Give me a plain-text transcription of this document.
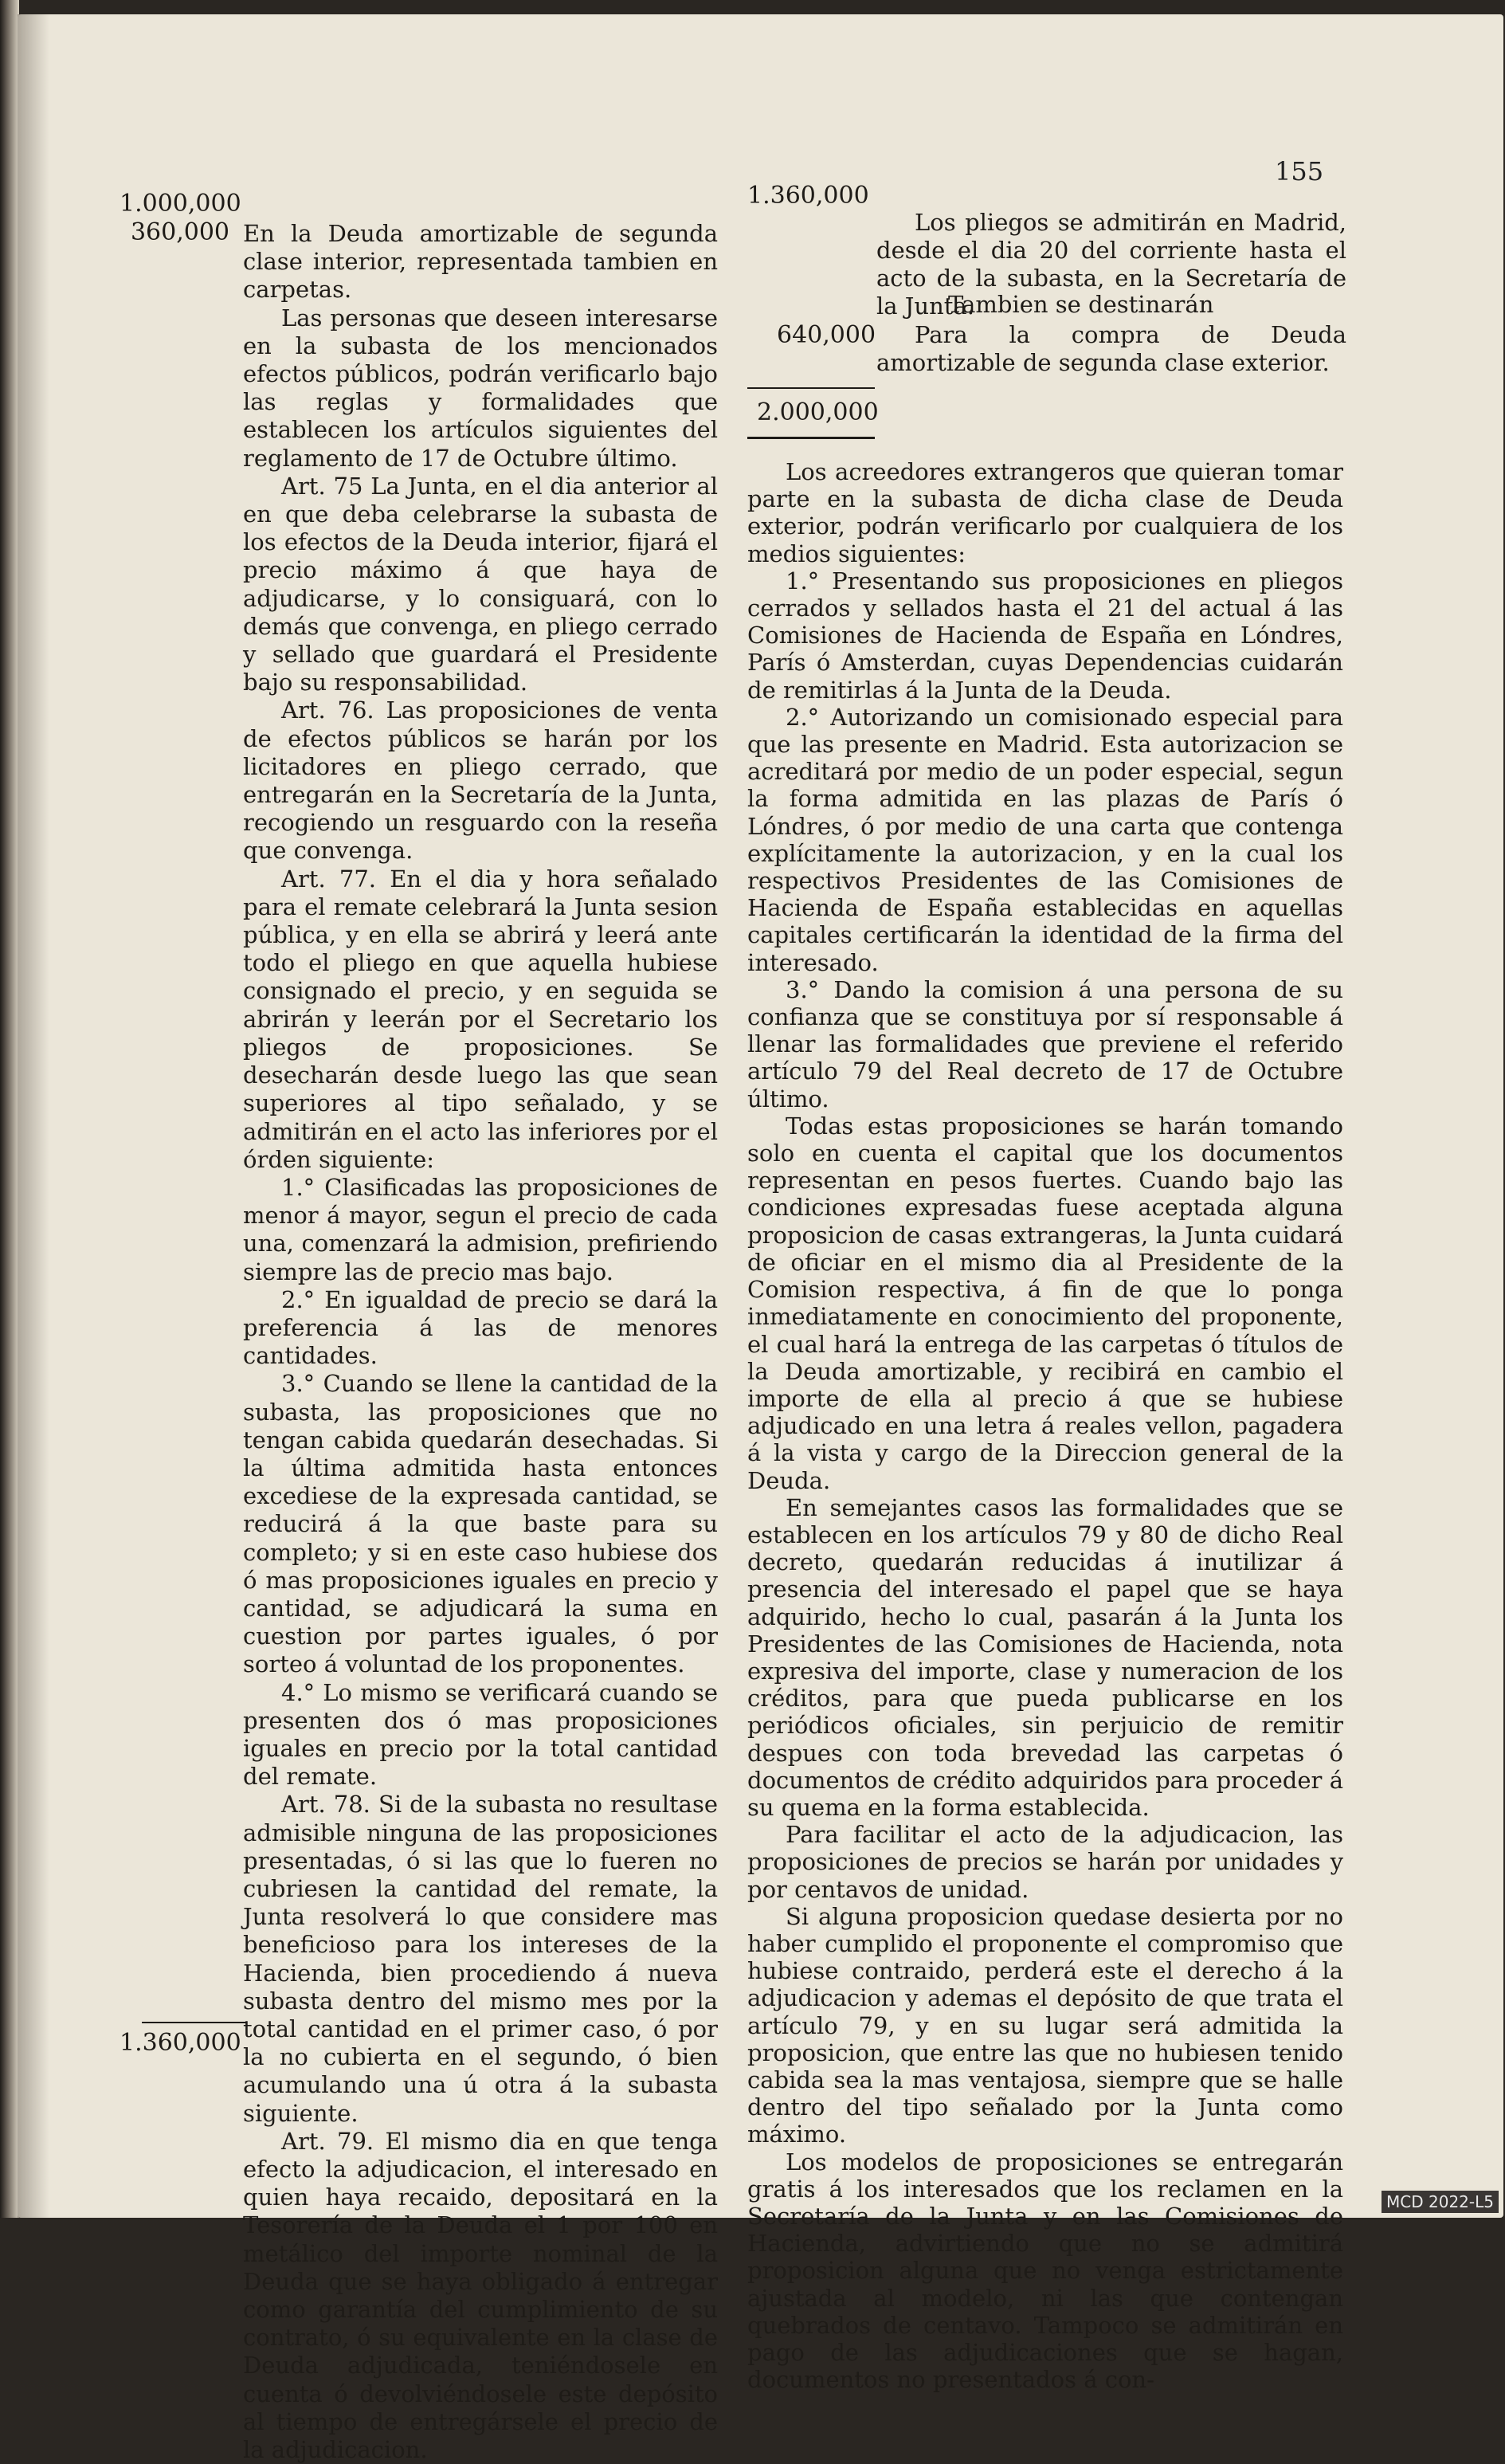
155
1.000,000
360,000
1.360,000

En la Deuda amortizable de segunda clase interior, representada tambien en carpetas.

Las personas que deseen interesarse en la subasta de los mencionados efectos públicos, podrán verificarlo bajo las reglas y formalidades que establecen los artículos siguientes del reglamento de 17 de Octubre último.

Art. 75 La Junta, en el dia anterior al en que deba celebrarse la subasta de los efectos de la Deuda interior, fijará el precio máximo á que haya de adjudicarse, y lo consiguará, con lo demás que convenga, en pliego cerrado y sellado que guardará el Presidente bajo su responsabilidad.

Art. 76. Las proposiciones de venta de efectos públicos se harán por los licitadores en pliego cerrado, que entregarán en la Secretaría de la Junta, recogiendo un resguardo con la reseña que convenga.

Art. 77. En el dia y hora señalado para el remate celebrará la Junta sesion pública, y en ella se abrirá y leerá ante todo el pliego en que aquella hubiese consignado el precio, y en seguida se abrirán y leerán por el Secretario los pliegos de proposiciones. Se desecharán desde luego las que sean superiores al tipo señalado, y se admitirán en el acto las inferiores por el órden siguiente:

1.° Clasificadas las proposiciones de menor á mayor, segun el precio de cada una, comenzará la admision, prefiriendo siempre las de precio mas bajo.

2.° En igualdad de precio se dará la preferencia á las de menores cantidades.

3.° Cuando se llene la cantidad de la subasta, las proposiciones que no tengan cabida quedarán desechadas. Si la última admitida hasta entonces excediese de la expresada cantidad, se reducirá á la que baste para su completo; y si en este caso hubiese dos ó mas proposiciones iguales en precio y cantidad, se adjudicará la suma en cuestion por partes iguales, ó por sorteo á voluntad de los proponentes.

4.° Lo mismo se verificará cuando se presenten dos ó mas proposiciones iguales en precio por la total cantidad del remate.

Art. 78. Si de la subasta no resultase admisible ninguna de las proposiciones presentadas, ó si las que lo fueren no cubriesen la cantidad del remate, la Junta resolverá lo que considere mas beneficioso para los intereses de la Hacienda, bien procediendo á nueva subasta dentro del mismo mes por la total cantidad en el primer caso, ó por la no cubierta en el segundo, ó bien acumulando una ú otra á la subasta siguiente.

Art. 79. El mismo dia en que tenga efecto la adjudicacion, el interesado en quien haya recaido, depositará en la Tesorería de la Deuda el 1 por 100 en metálico del importe nominal de la Deuda que se haya obligado á entregar como garantía del cumplimiento de su contrato, ó su equivalente en la clase de Deuda adjudicada, teniéndosele en cuenta ó devolviéndosele este depósito al tiempo de entregársele el precio de la adjudicacion.

1.360,000

Los pliegos se admitirán en Madrid, desde el dia 20 del corriente hasta el acto de la subasta, en la Secretaría de la Junta.

Tambien se destinarán
640,000	Para la compra de Deuda amortizable de segunda clase exterior.

2.000,000

Los acreedores extrangeros que quieran tomar parte en la subasta de dicha clase de Deuda exterior, podrán verificarlo por cualquiera de los medios siguientes:

1.° Presentando sus proposiciones en pliegos cerrados y sellados hasta el 21 del actual á las Comisiones de Hacienda de España en Lóndres, París ó Amsterdan, cuyas Dependencias cuidarán de remitirlas á la Junta de la Deuda.

2.° Autorizando un comisionado especial para que las presente en Madrid. Esta autorizacion se acreditará por medio de un poder especial, segun la forma admitida en las plazas de París ó Lóndres, ó por medio de una carta que contenga explícitamente la autorizacion, y en la cual los respectivos Presidentes de las Comisiones de Hacienda de España establecidas en aquellas capitales certificarán la identidad de la firma del interesado.

3.° Dando la comision á una persona de su confianza que se constituya por sí responsable á llenar las formalidades que previene el referido artículo 79 del Real decreto de 17 de Octubre último.

Todas estas proposiciones se harán tomando solo en cuenta el capital que los documentos representan en pesos fuertes. Cuando bajo las condiciones expresadas fuese aceptada alguna proposicion de casas extrangeras, la Junta cuidará de oficiar en el mismo dia al Presidente de la Comision respectiva, á fin de que lo ponga inmediatamente en conocimiento del proponente, el cual hará la entrega de las carpetas ó títulos de la Deuda amortizable, y recibirá en cambio el importe de ella al precio á que se hubiese adjudicado en una letra á reales vellon, pagadera á la vista y cargo de la Direccion general de la Deuda.

En semejantes casos las formalidades que se establecen en los artículos 79 y 80 de dicho Real decreto, quedarán reducidas á inutilizar á presencia del interesado el papel que se haya adquirido, hecho lo cual, pasarán á la Junta los Presidentes de las Comisiones de Hacienda, nota expresiva del importe, clase y numeracion de los créditos, para que pueda publicarse en los periódicos oficiales, sin perjuicio de remitir despues con toda brevedad las carpetas ó documentos de crédito adquiridos para proceder á su quema en la forma establecida.

Para facilitar el acto de la adjudicacion, las proposiciones de precios se harán por unidades y por centavos de unidad.

Si alguna proposicion quedase desierta por no haber cumplido el proponente el compromiso que hubiese contraido, perderá este el derecho á la adjudicacion y ademas el depósito de que trata el artículo 79, y en su lugar será admitida la proposicion, que entre las que no hubiesen tenido cabida sea la mas ventajosa, siempre que se halle dentro del tipo señalado por la Junta como máximo.

Los modelos de proposiciones se entregarán gratis á los interesados que los reclamen en la Secretaría de la Junta y en las Comisiones de Hacienda, advirtiendo que no se admitirá proposicion alguna que no venga estrictamente ajustada al modelo, ni las que contengan quebrados de centavo. Tampoco se admitirán en pago de las adjudicaciones que se hagan, documentos no presentados á con-

MCD 2022-L5
